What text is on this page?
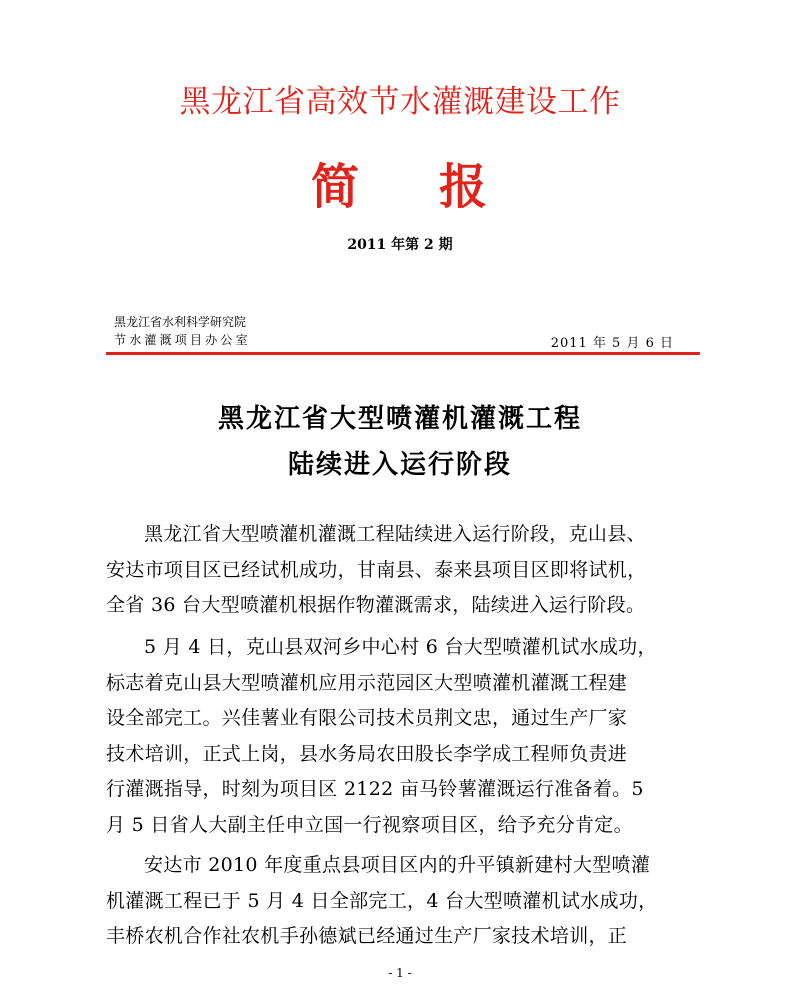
黑龙江省高效节水灌溉建设工作
简 报
2011 年第 2 期
黑龙江省水利科学研究院
节水灌溉项目办公室	2011 年 5 月 6 日
黑龙江省大型喷灌机灌溉工程
陆续进入运行阶段
黑龙江省大型喷灌机灌溉工程陆续进入运行阶段，克山县、
安达市项目区已经试机成功，甘南县、泰来县项目区即将试机，
全省 36 台大型喷灌机根据作物灌溉需求，陆续进入运行阶段。
5 月 4 日，克山县双河乡中心村 6 台大型喷灌机试水成功，
标志着克山县大型喷灌机应用示范园区大型喷灌机灌溉工程建
设全部完工。兴佳薯业有限公司技术员荆文忠，通过生产厂家
技术培训，正式上岗，县水务局农田股长李学成工程师负责进
行灌溉指导，时刻为项目区 2122 亩马铃薯灌溉运行准备着。5
月 5 日省人大副主任申立国一行视察项目区，给予充分肯定。
安达市 2010 年度重点县项目区内的升平镇新建村大型喷灌
机灌溉工程已于 5 月 4 日全部完工，4 台大型喷灌机试水成功，
丰桥农机合作社农机手孙德斌已经通过生产厂家技术培训，正
- 1 -
